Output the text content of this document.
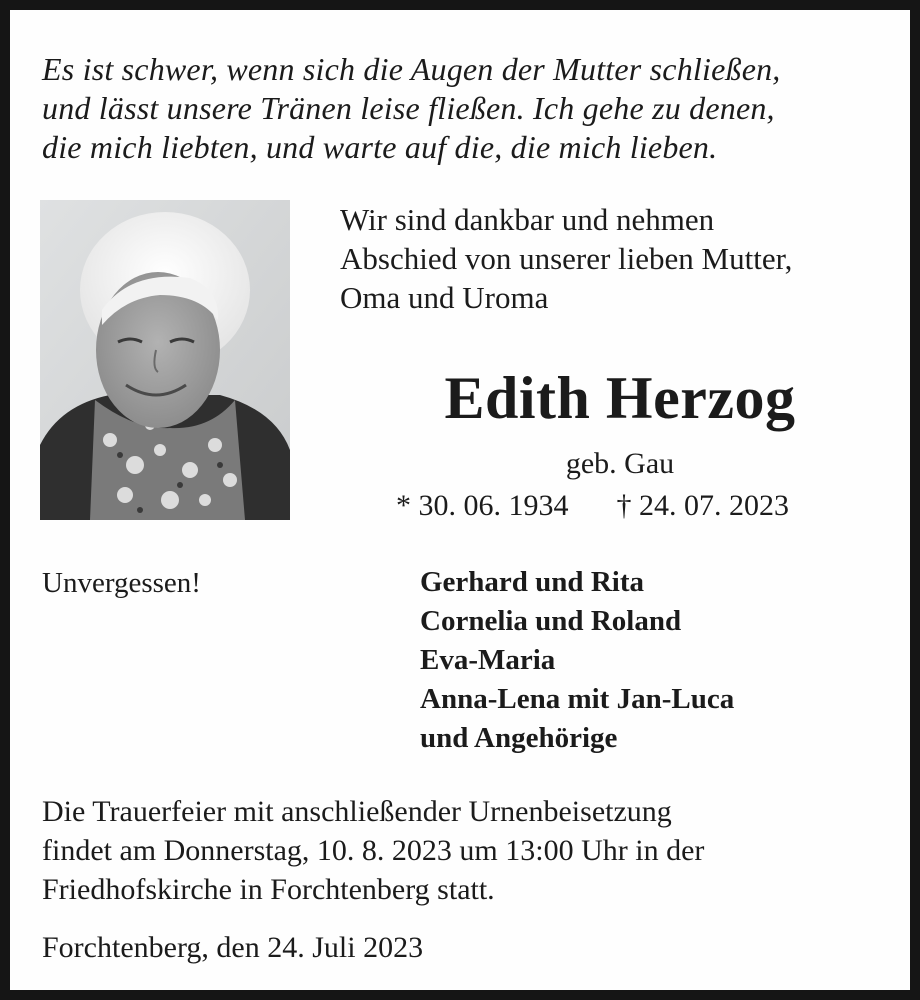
Es ist schwer, wenn sich die Augen der Mutter schließen,
und lässt unsere Tränen leise fließen. Ich gehe zu denen,
die mich liebten, und warte auf die, die mich lieben.
Wir sind dankbar und nehmen
Abschied von unserer lieben Mutter,
Oma und Uroma
Edith Herzog
geb. Gau
* 30. 06. 1934 † 24. 07. 2023
Unvergessen!	Gerhard und Rita
Cornelia und Roland
Eva-Maria
Anna-Lena mit Jan-Luca
und Angehörige
Die Trauerfeier mit anschließender Urnenbeisetzung
findet am Donnerstag, 10. 8. 2023 um 13:00 Uhr in der
Friedhofskirche in Forchtenberg statt.
Forchtenberg, den 24. Juli 2023
